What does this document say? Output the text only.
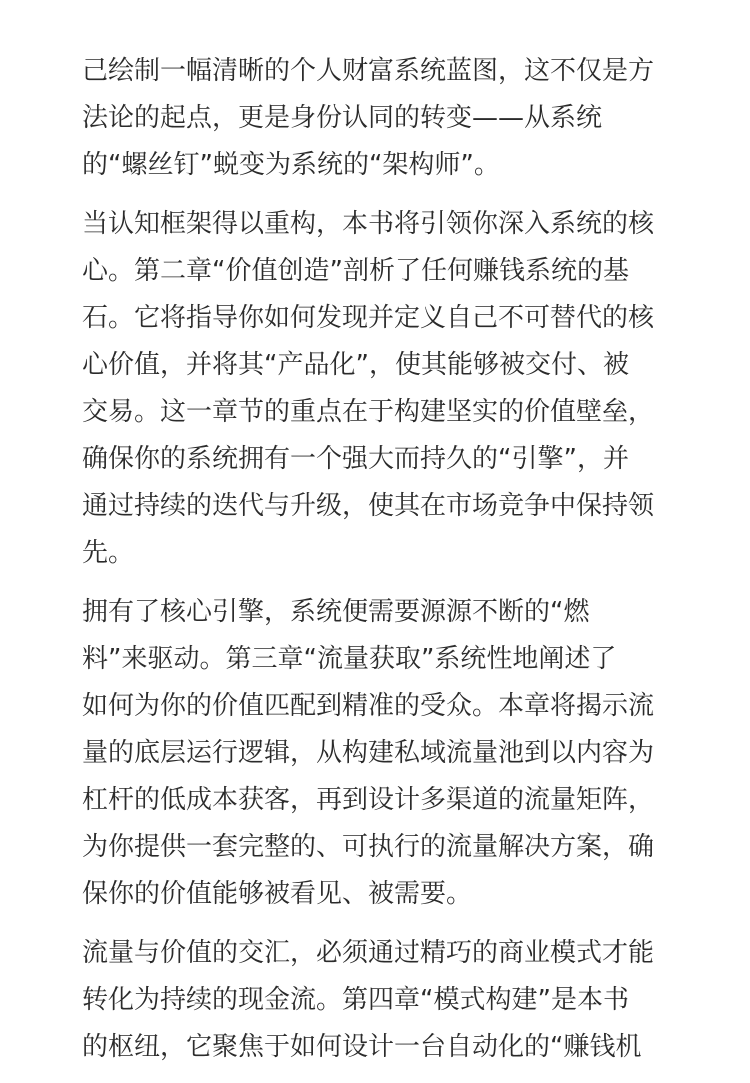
己绘制一幅清晰的个人财富系统蓝图，这不仅是方
法论的起点，更是身份认同的转变——从系统
的“螺丝钉”蜕变为系统的“架构师”。

当认知框架得以重构，本书将引领你深入系统的核
心。第二章“价值创造”剖析了任何赚钱系统的基
石。它将指导你如何发现并定义自己不可替代的核
心价值，并将其“产品化”，使其能够被交付、被
交易。这一章节的重点在于构建坚实的价值壁垒，
确保你的系统拥有一个强大而持久的“引擎”，并
通过持续的迭代与升级，使其在市场竞争中保持领
先。

拥有了核心引擎，系统便需要源源不断的“燃
料”来驱动。第三章“流量获取”系统性地阐述了
如何为你的价值匹配到精准的受众。本章将揭示流
量的底层运行逻辑，从构建私域流量池到以内容为
杠杆的低成本获客，再到设计多渠道的流量矩阵，
为你提供一套完整的、可执行的流量解决方案，确
保你的价值能够被看见、被需要。

流量与价值的交汇，必须通过精巧的商业模式才能
转化为持续的现金流。第四章“模式构建”是本书
的枢纽，它聚焦于如何设计一台自动化的“赚钱机
